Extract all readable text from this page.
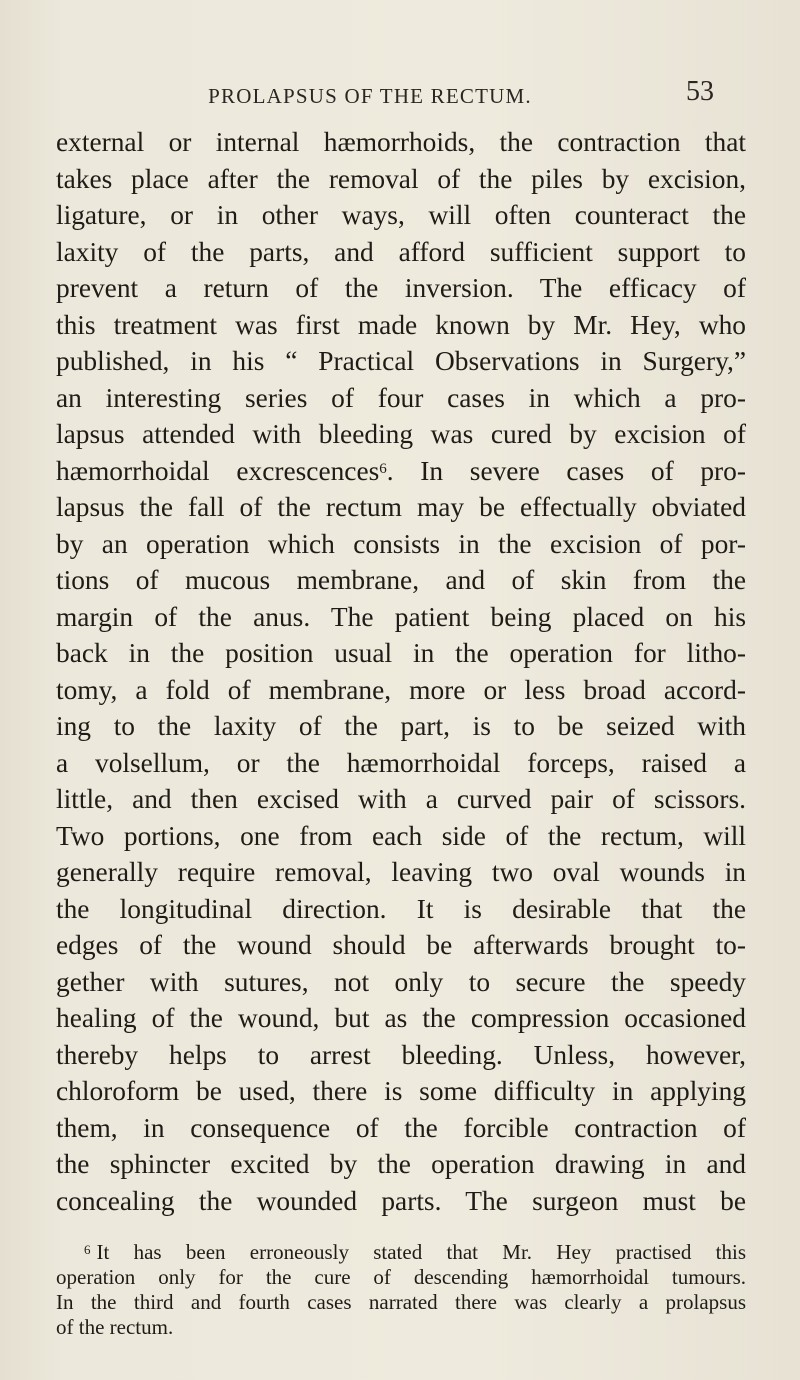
PROLAPSUS OF THE RECTUM.	53
external or internal hæmorrhoids, the contraction that
takes place after the removal of the piles by excision,
ligature, or in other ways, will often counteract the
laxity of the parts, and afford sufficient support to
prevent a return of the inversion. The efficacy of
this treatment was first made known by Mr. Hey, who
published, in his “ Practical Observations in Surgery,”
an interesting series of four cases in which a pro-
lapsus attended with bleeding was cured by excision of
hæmorrhoidal excrescences$^6$. In severe cases of pro-
lapsus the fall of the rectum may be effectually obviated
by an operation which consists in the excision of por-
tions of mucous membrane, and of skin from the
margin of the anus. The patient being placed on his
back in the position usual in the operation for litho-
tomy, a fold of membrane, more or less broad accord-
ing to the laxity of the part, is to be seized with
a volsellum, or the hæmorrhoidal forceps, raised a
little, and then excised with a curved pair of scissors.
Two portions, one from each side of the rectum, will
generally require removal, leaving two oval wounds in
the longitudinal direction. It is desirable that the
edges of the wound should be afterwards brought to-
gether with sutures, not only to secure the speedy
healing of the wound, but as the compression occasioned
thereby helps to arrest bleeding. Unless, however,
chloroform be used, there is some difficulty in applying
them, in consequence of the forcible contraction of
the sphincter excited by the operation drawing in and
concealing the wounded parts. The surgeon must be
$^6$ It has been erroneously stated that Mr. Hey practised this
operation only for the cure of descending hæmorrhoidal tumours.
In the third and fourth cases narrated there was clearly a prolapsus
of the rectum.
